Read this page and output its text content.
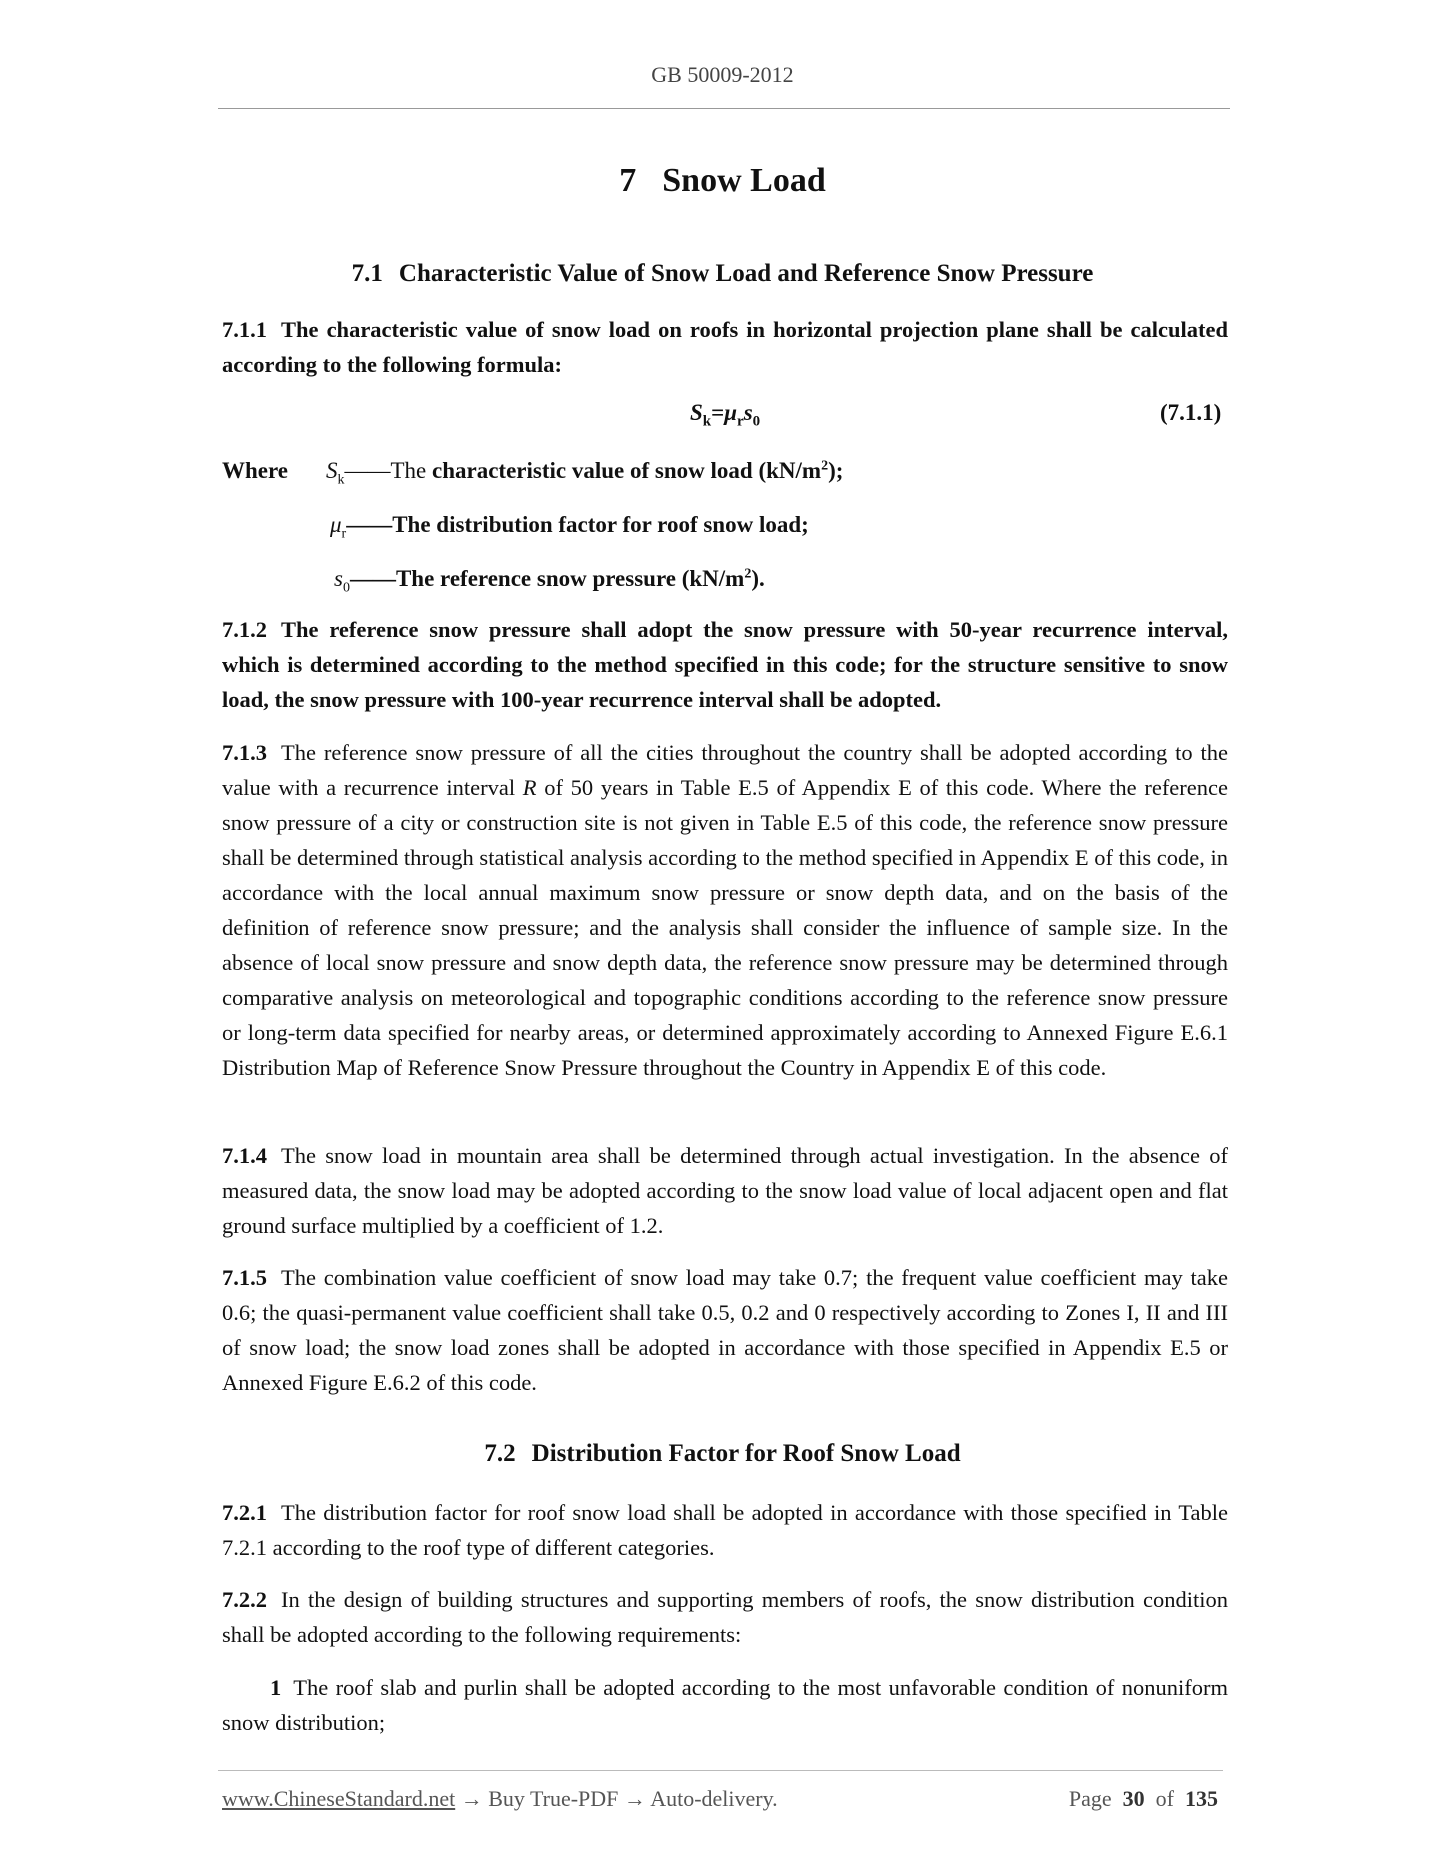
GB 50009-2012
7 Snow Load
7.1 Characteristic Value of Snow Load and Reference Snow Pressure

7.1.1 The characteristic value of snow load on roofs in horizontal projection plane shall be calculated according to the following formula:

$S_k=\mu_rs_0$	(7.1.1)
Where $S_k——The$ characteristic value of snow load $(kN/m^2)$;
$\mu_r——The$ distribution factor for roof snow load;
$s_0——The$ reference snow pressure $(kN/m^2)$.

7.1.2 The reference snow pressure shall adopt the snow pressure with 50-year recurrence interval, which is determined according to the method specified in this code; for the structure sensitive to snow load, the snow pressure with 100-year recurrence interval shall be adopted.

7.1.3 The reference snow pressure of all the cities throughout the country shall be adopted according to the value with a recurrence interval R of 50 years in Table E.5 of Appendix E of this code. Where the reference snow pressure of a city or construction site is not given in Table E.5 of this code, the reference snow pressure shall be determined through statistical analysis according to the method specified in Appendix E of this code, in accordance with the local annual maximum snow pressure or snow depth data, and on the basis of the definition of reference snow pressure; and the analysis shall consider the influence of sample size. In the absence of local snow pressure and snow depth data, the reference snow pressure may be determined through comparative analysis on meteorological and topographic conditions according to the reference snow pressure or long-term data specified for nearby areas, or determined approximately according to Annexed Figure E.6.1 Distribution Map of Reference Snow Pressure throughout the Country in Appendix E of this code.

7.1.4 The snow load in mountain area shall be determined through actual investigation. In the absence of measured data, the snow load may be adopted according to the snow load value of local adjacent open and flat ground surface multiplied by a coefficient of 1.2.

7.1.5 The combination value coefficient of snow load may take 0.7; the frequent value coefficient may take 0.6; the quasi-permanent value coefficient shall take 0.5, 0.2 and 0 respectively according to Zones I, II and III of snow load; the snow load zones shall be adopted in accordance with those specified in Appendix E.5 or Annexed Figure E.6.2 of this code.

7.2 Distribution Factor for Roof Snow Load

7.2.1 The distribution factor for roof snow load shall be adopted in accordance with those specified in Table 7.2.1 according to the roof type of different categories.

7.2.2 In the design of building structures and supporting members of roofs, the snow distribution condition shall be adopted according to the following requirements:

1 The roof slab and purlin shall be adopted according to the most unfavorable condition of nonuniform snow distribution;

www.ChineseStandard.net → Buy True-PDF → Auto-delivery.	Page 30 of 135
